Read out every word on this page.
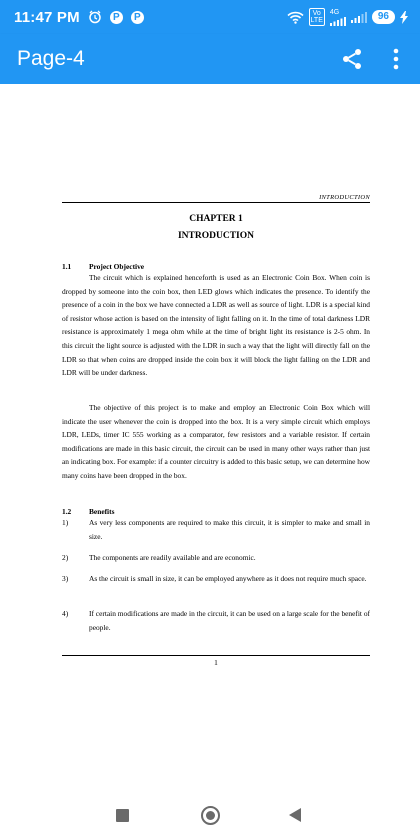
11:47 PM	P	P	Vo
LTE
4G	96
Page-4
INTRODUCTION
CHAPTER 1
INTRODUCTION
1.1 Project Objective

The circuit which is explained henceforth is used as an Electronic Coin Box. When coin is dropped by someone into the coin box, then LED glows which indicates the presence. To identify the presence of a coin in the box we have connected a LDR as well as source of light. LDR is a special kind of resistor whose action is based on the intensity of light falling on it. In the time of total darkness LDR resistance is approximately 1 mega ohm while at the time of bright light its resistance is 2-5 ohm. In this circuit the light source is adjusted with the LDR in such a way that the light will directly fall on the LDR so that when coins are dropped inside the coin box it will block the light falling on the LDR and LDR will be under darkness.

The objective of this project is to make and employ an Electronic Coin Box which will indicate the user whenever the coin is dropped into the box. It is a very simple circuit which employs LDR, LEDs, timer IC 555 working as a comparator, few resistors and a variable resistor. If certain modifications are made in this basic circuit, the circuit can be used in many other ways rather than just an indicating box. For example: if a counter circuitry is added to this basic setup, we can determine how many coins have been dropped in the box.

1.2 Benefits
1)	As very less components are required to make this circuit, it is simpler to make and small in size.
2)	The components are readily available and are economic.
3)	As the circuit is small in size, it can be employed anywhere as it does not require much space.
4)	If certain modifications are made in the circuit, it can be used on a large scale for the benefit of people.
1
